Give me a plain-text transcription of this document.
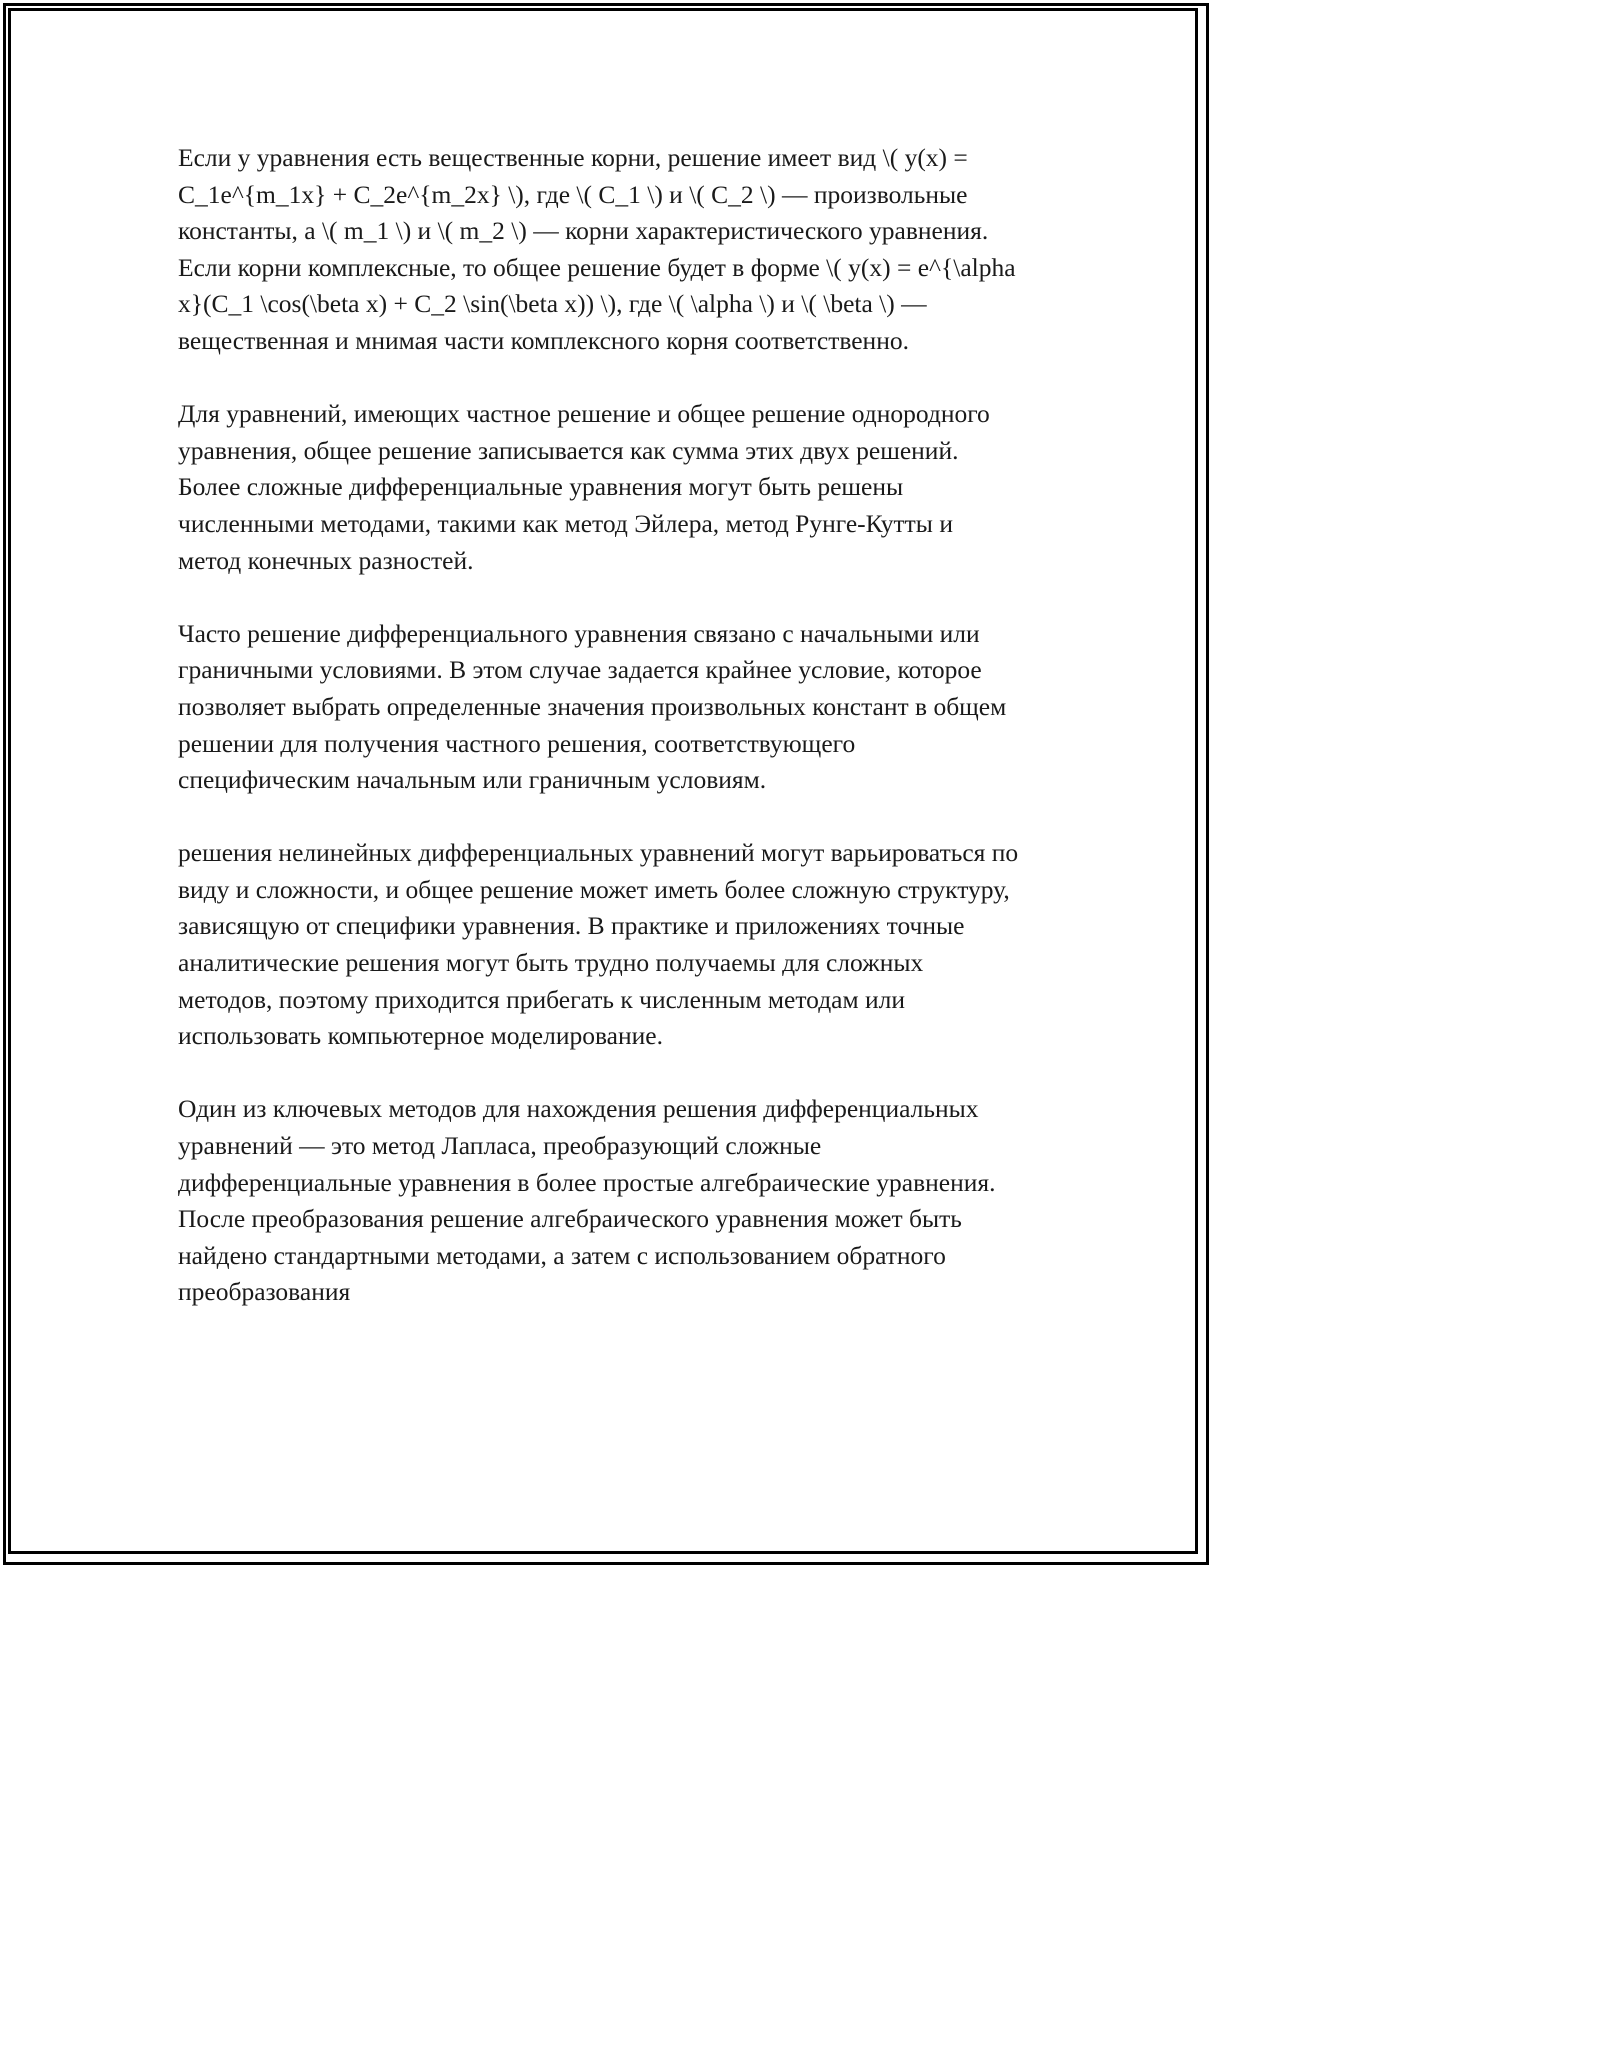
Если у уравнения есть вещественные корни, решение имеет вид \( y(x) = C_1e^{m_1x} + C_2e^{m_2x} \), где \( C_1 \) и \( C_2 \) — произвольные константы, а \( m_1 \) и \( m_2 \) — корни характеристического уравнения. Если корни комплексные, то общее решение будет в форме \( y(x) = e^{\alpha x}(C_1 \cos(\beta x) + C_2 \sin(\beta x)) \), где \( \alpha \) и \( \beta \) — вещественная и мнимая части комплексного корня соответственно.

Для уравнений, имеющих частное решение и общее решение однородного уравнения, общее решение записывается как сумма этих двух решений. Более сложные дифференциальные уравнения могут быть решены численными методами, такими как метод Эйлера, метод Рунге-Кутты и метод конечных разностей.

Часто решение дифференциального уравнения связано с начальными или граничными условиями. В этом случае задается крайнее условие, которое позволяет выбрать определенные значения произвольных констант в общем решении для получения частного решения, соответствующего специфическим начальным или граничным условиям.

решения нелинейных дифференциальных уравнений могут варьироваться по виду и сложности, и общее решение может иметь более сложную структуру, зависящую от специфики уравнения. В практике и приложениях точные аналитические решения могут быть трудно получаемы для сложных методов, поэтому приходится прибегать к численным методам или использовать компьютерное моделирование.

Один из ключевых методов для нахождения решения дифференциальных уравнений — это метод Лапласа, преобразующий сложные дифференциальные уравнения в более простые алгебраические уравнения. После преобразования решение алгебраического уравнения может быть найдено стандартными методами, а затем с использованием обратного преобразования
